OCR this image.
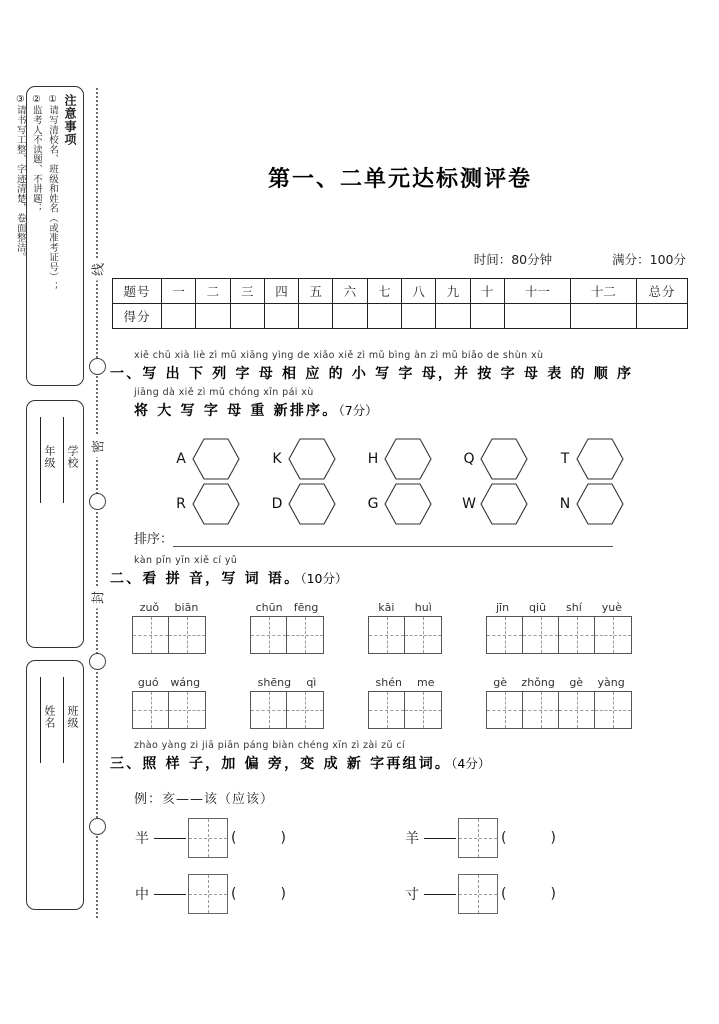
密
封
线
注意事项
①请写清校名、班级和姓名（或准考证号）；
②监考人不读题、不讲题；
③请书写工整、字迹清楚，卷面整洁。
学校
年级
班级
姓名
第一、二单元达标测评卷
时间：80分钟	满分：100分
题号	一	二	三	四	五	六	七	八	九	十	十一	十二	总分
得分													
xiě chū xià liè zì mǔ xiāng yìng de xiǎo xiě zì mǔ bìng àn zì mǔ biǎo de shùn xù
一、写 出 下 列 字 母 相 应 的 小 写 字 母，并 按 字 母 表 的 顺 序
jiāng dà xiě zì mǔ chóng xīn pái xù
将 大 写 字 母 重 新排序。（7分）
A	K	H	Q	T
R	D	G	W	N
排序：
kàn pīn yīn xiě cí yǔ
二、看 拼 音，写 词 语。（10分）
zuǒ biān	chūn fēng	kāi huì	jīn qiū shí yuè
guó wáng	shēng qì	shén me	gè zhǒng gè yàng
zhào yàng zi jiā piān páng biàn chéng xīn zì zài zǔ cí
三、照 样 子，加 偏 旁，变 成 新 字再组词。（4分）
例：亥——该（应该）
半	(	)	羊	(	)
中	(	)	寸	(	)
